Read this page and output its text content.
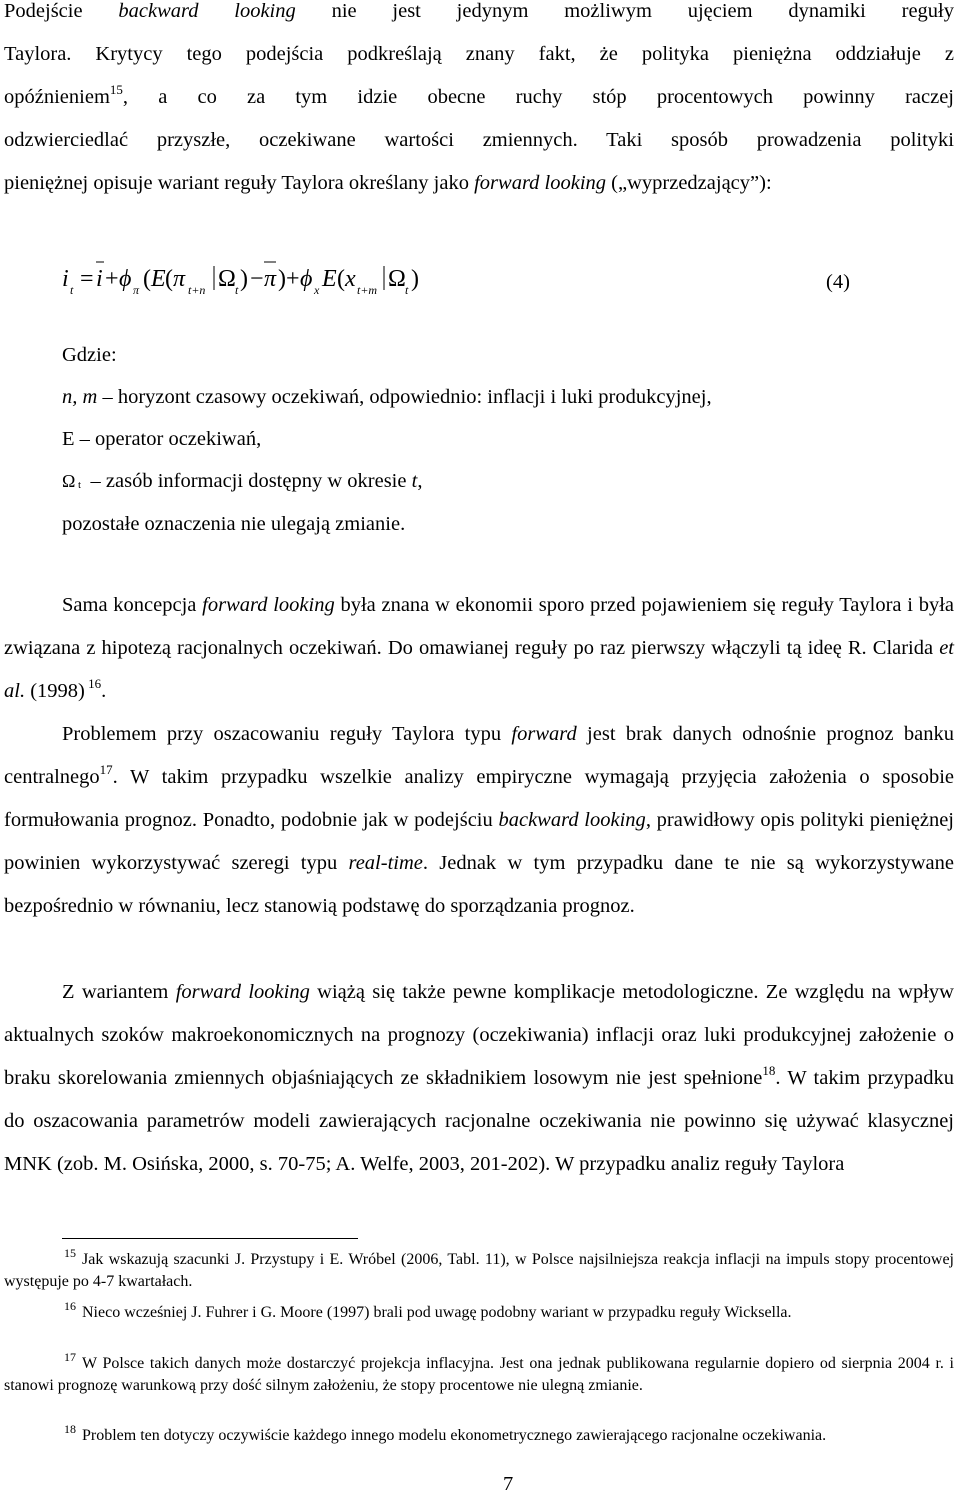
Podejście backward looking nie jest jedynym możliwym ujęciem dynamiki reguły
Taylora. Krytycy tego podejścia podkreślają znany fakt, że polityka pieniężna oddziałuje z
opóźnieniem$^{15}$, a co za tym idzie obecne ruchy stóp procentowych powinny raczej
odzwierciedlać przyszłe, oczekiwane wartości zmiennych. Taki sposób prowadzenia polityki
pieniężnej opisuje wariant reguły Taylora określany jako forward looking („wyprzedzający”):
i t = i + ϕ π ( E ( π t+n Ω t ) − π ) + ϕ x E ( x t+m Ω t )	(4)
Gdzie:
n, m – horyzont czasowy oczekiwań, odpowiednio: inflacji i luki produkcyjnej,
E – operator oczekiwań,
Ω t – zasób informacji dostępny w okresie t,
pozostałe oznaczenia nie ulegają zmianie.

Sama koncepcja forward looking była znana w ekonomii sporo przed pojawieniem się reguły Taylora i była związana z hipotezą racjonalnych oczekiwań. Do omawianej reguły po raz pierwszy włączyli tą ideę R. Clarida et al. (1998) $^{16}$.

Problemem przy oszacowaniu reguły Taylora typu forward jest brak danych odnośnie prognoz banku centralnego$^{17}$. W takim przypadku wszelkie analizy empiryczne wymagają przyjęcia założenia o sposobie formułowania prognoz. Ponadto, podobnie jak w podejściu backward looking, prawidłowy opis polityki pieniężnej powinien wykorzystywać szeregi typu real-time. Jednak w tym przypadku dane te nie są wykorzystywane bezpośrednio w równaniu, lecz stanowią podstawę do sporządzania prognoz.

Z wariantem forward looking wiążą się także pewne komplikacje metodologiczne. Ze względu na wpływ aktualnych szoków makroekonomicznych na prognozy (oczekiwania) inflacji oraz luki produkcyjnej założenie o braku skorelowania zmiennych objaśniających ze składnikiem losowym nie jest spełnione$^{18}$. W takim przypadku do oszacowania parametrów modeli zawierających racjonalne oczekiwania nie powinno się używać klasycznej MNK (zob. M. Osińska, 2000, s. 70-75; A. Welfe, 2003, 201-202). W przypadku analiz reguły Taylora

$^{15}$ Jak wskazują szacunki J. Przystupy i E. Wróbel (2006, Tabl. 11), w Polsce najsilniejsza reakcja inflacji na impuls stopy procentowej występuje po 4-7 kwartałach.

$^{16}$ Nieco wcześniej J. Fuhrer i G. Moore (1997) brali pod uwagę podobny wariant w przypadku reguły Wicksella.

$^{17}$ W Polsce takich danych może dostarczyć projekcja inflacyjna. Jest ona jednak publikowana regularnie dopiero od sierpnia 2004 r. i stanowi prognozę warunkową przy dość silnym założeniu, że stopy procentowe nie ulegną zmianie.

$^{18}$ Problem ten dotyczy oczywiście każdego innego modelu ekonometrycznego zawierającego racjonalne oczekiwania.

7
